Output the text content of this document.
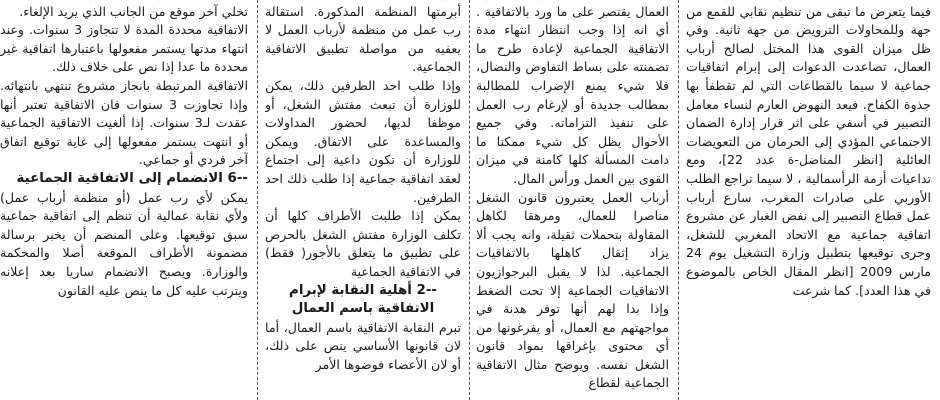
فيما يتعرض ما تبقى من تنظيم نقابي للقمع من جهة وللمحاولات الترويض من جهة ثانية. وفي ظل ميزان القوى هذا المختل لصالح أرباب العمال، تصاعدت الدعوات إلى إبرام اتفاقيات جماعية لا سيما بالقطاعات التي لم تقطفأ بها جذوة الكفاح. فيعد النهوض العارم لنساء معامل التصبير في أسفي على اثر قرار إدارة الضمان الاجتماعي المؤدي إلى الحرمان من التعويضات العائلية [انظر المناضل-ة عدد 22]، ومع تداعيات أزمة الرأسمالية ، لا سيما تراجع الطلب الأوربي على صادرات المغرب، سارع أرباب عمل قطاع التصبير إلى نفض الغبار عن مشروع اتفاقية جماعية مع الاتحاد المغربي للشغل، وجرى توقيعها بتطبيل وزارة التشغيل يوم 24 مارس 2009 [انظر المقال الخاص بالموضوع في هذا العدد]. كما شرعت

العمال يقتصر على ما ورد بالاتفاقية . أي انه إذا وجب انتظار انتهاء مدة الاتفاقية الجماعية لإعادة طرح ما تضمنته على بساط التفاوض والنضال، فلا شيء يمنع الإضراب للمطالبة بمطالب جديدة أو لإرغام رب العمل على تنفيذ التزاماته. وفي جميع الأحوال يظل كل شيء ممكنا ما دامت المسألة كلها كامنة في ميزان القوى بين العمل ورأس المال.

أرباب العمل يعتبرون قانون الشغل مناصرا للعمال، ومرهقا لكاهل المقاولة بتحملات ثقيلة، وانه يجب ألا يزاد إثقال كاهلها بالاتفاقيات الجماعية. لذا لا يقبل البرجوازيون الاتفاقيات الجماعية إلا تحت الضغط وإذا بدا لهم أنها توفر هدنة في مواجهتهم مع العمال، أو يفرغونها من أي محتوى بإغراقها بمواد قانون الشغل نفسه. ويوضح مثال الاتفاقية الجماعية لقطاع

أبرمتها المنظمة المذكورة. استقالة رب عمل من منظمة لأرباب العمل لا يعفيه من مواصلة تطبيق الاتفاقية الجماعية.

وإذا طلب احد الطرفين ذلك، يمكن للوزارة أن تبعث مفتش الشغل، أو موظفا لديها، لحضور المداولات والمساعدة على الاتفاق. ويمكن للوزارة أن تكون داعية إلى اجتماع لعقد اتفاقية جماعية إذا طلب ذلك احد الطرفين.

يمكن إذا طلبت الأطراف كلها أن تكلف الوزارة مفتش الشغل بالحرص على تطبيق ما يتعلق بالأجور( فقط) في الاتفاقية الجماعية

--2 أهلية النقابة لإبرام الاتفاقية باسم العمال

تبرم النقابة الاتفاقية باسم العمال، أما لان قانونها الأساسي ينص على ذلك، أو لان الأعضاء فوضوها الأمر

تخلي آخر موقع من الجانب الذي يريد الإلغاء.

الاتفاقية محددة المدة لا تتجاوز 3 سنوات. وعند انتهاء مدتها يستمر مفعولها باعتبارها اتفاقية غير محددة ما عدا إذا نص على خلاف ذلك.

الاتفاقية المرتبطة بانجاز مشروع تنتهي بانتهائه. وإذا تجاوزت 3 سنوات فان الاتفاقية تعتبر أنها عقدت لـ3 سنوات. إذا ألغيت الاتفاقية الجماعية أو انتهت يستمر مفعولها إلى غاية توقيع اتفاق آخر فردي أو جماعي.

--6 الانضمام إلى الاتفاقية الجماعية

يمكن لأي رب عمل (أو منظمة أرباب عمل) ولأي نقابة عمالية أن تنظم إلى اتفاقية جماعية سبق توقيعها. وعلى المنضم أن يخبر برسالة مضمونة الأطراف الموقعة أصلا والمحكمة والوزارة. ويصبح الانضمام ساريا بعد إعلانه ويترتب عليه كل ما ينص عليه القانون
